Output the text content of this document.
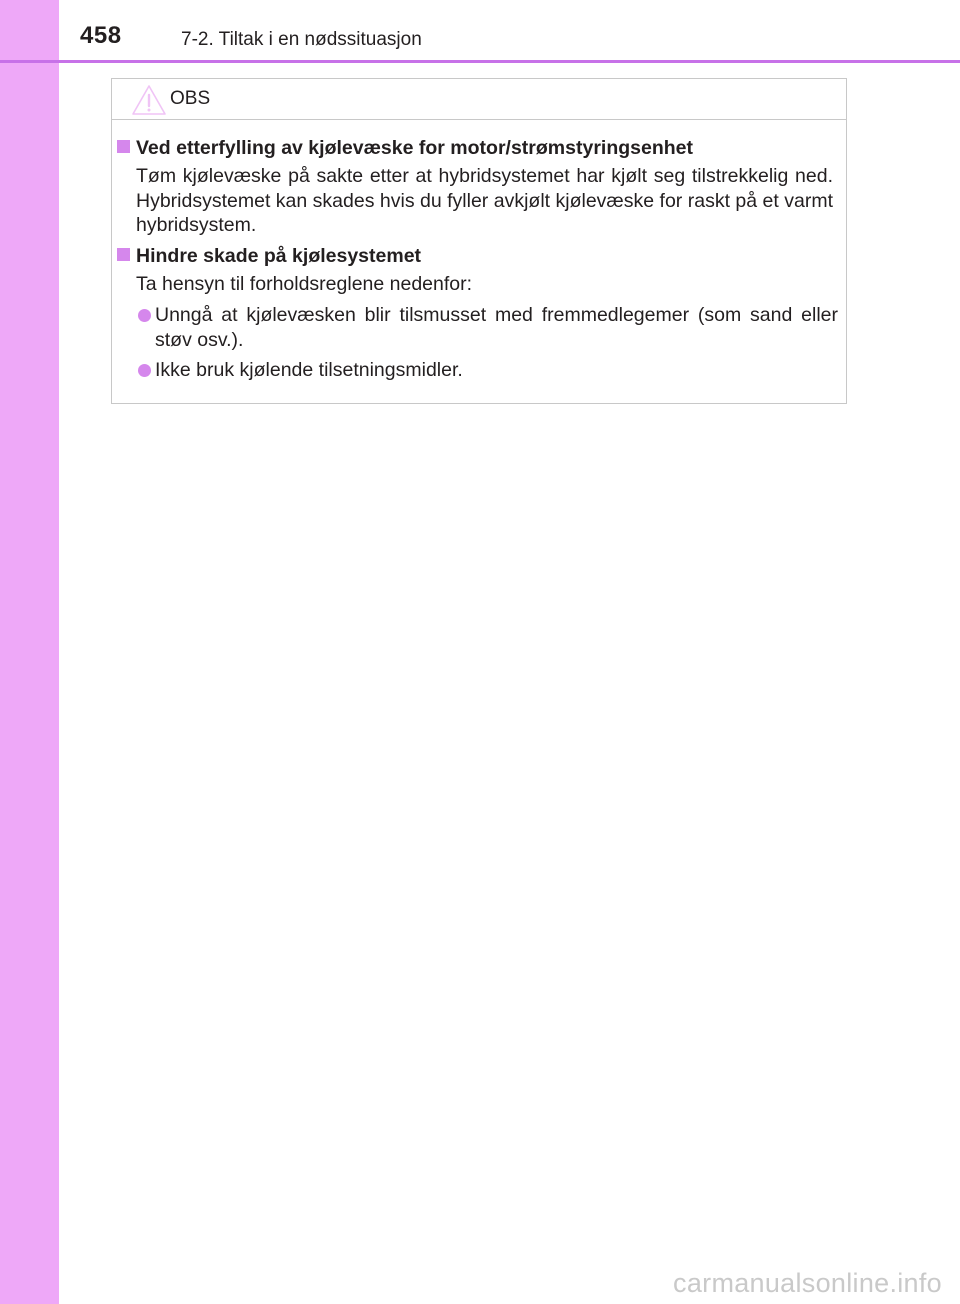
458	7-2. Tiltak i en nødssituasjon
OBS
Ved etterfylling av kjølevæske for motor/strømstyringsenhet
Tøm kjølevæske på sakte etter at hybridsystemet har kjølt seg tilstrekkelig ned. Hybridsystemet kan skades hvis du fyller avkjølt kjølevæske for raskt på et varmt hybridsystem.
Hindre skade på kjølesystemet
Ta hensyn til forholdsreglene nedenfor:
Unngå at kjølevæsken blir tilsmusset med fremmedlegemer (som sand eller støv osv.).
Ikke bruk kjølende tilsetningsmidler.
carmanualsonline.info
